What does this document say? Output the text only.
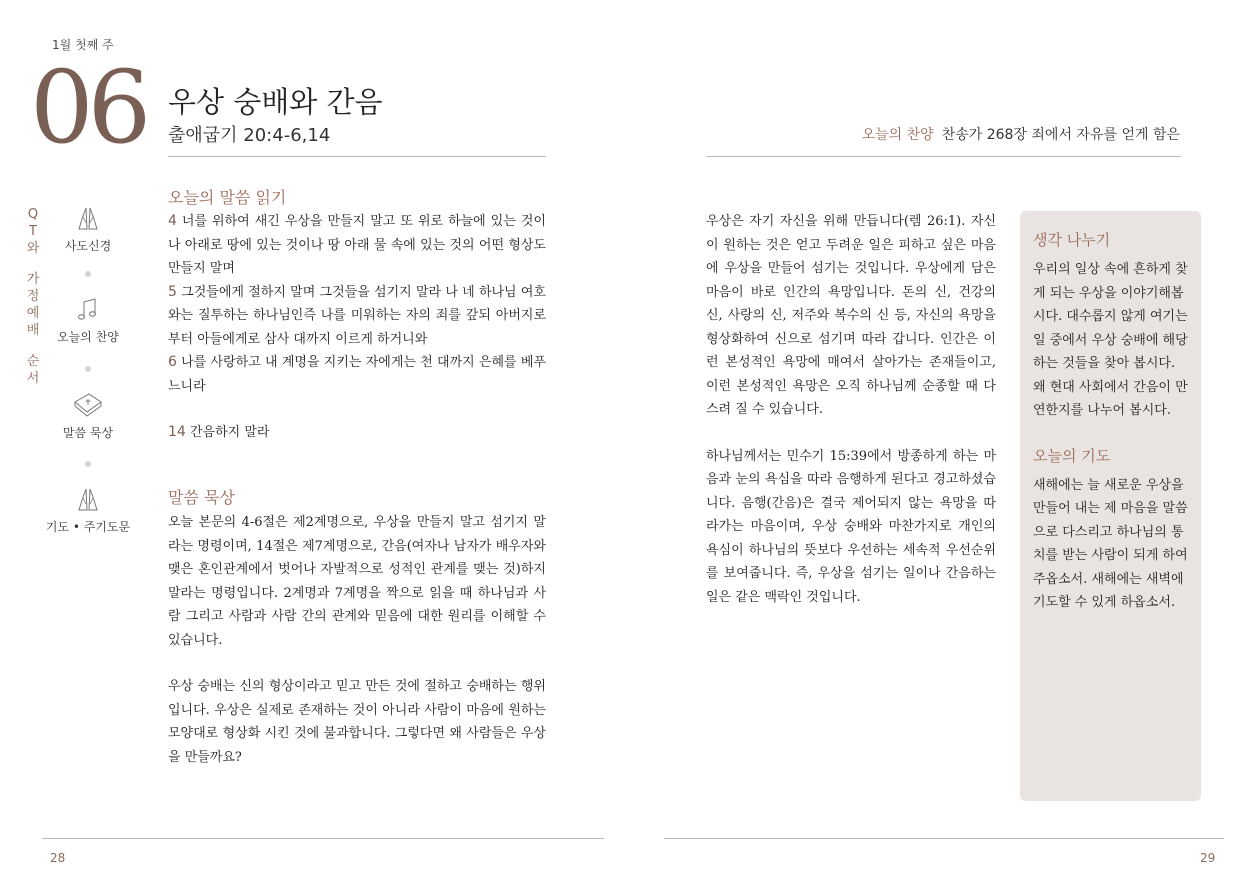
1월 첫째 주
06 우상 숭배와 간음
출애굽기 20:4-6,14
Q
T
와
가
정
예
배
순
서
사도신경
오늘의 찬양
말씀 묵상
기도 • 주기도문
오늘의 말씀 읽기

4 너를 위하여 새긴 우상을 만들지 말고 또 위로 하늘에 있는 것이나 아래로 땅에 있는 것이나 땅 아래 물 속에 있는 것의 어떤 형상도 만들지 말며

5 그것들에게 절하지 말며 그것들을 섬기지 말라 나 네 하나님 여호와는 질투하는 하나님인즉 나를 미워하는 자의 죄를 갚되 아버지로부터 아들에게로 삼사 대까지 이르게 하거니와

6 나를 사랑하고 내 계명을 지키는 자에게는 천 대까지 은혜를 베푸느니라

14 간음하지 말라

말씀 묵상

오늘 본문의 4-6절은 제2계명으로, 우상을 만들지 말고 섬기지 말라는 명령이며, 14절은 제7계명으로, 간음(여자나 남자가 배우자와 맺은 혼인관계에서 벗어나 자발적으로 성적인 관계를 맺는 것)하지 말라는 명령입니다. 2계명과 7계명을 짝으로 읽을 때 하나님과 사람 그리고 사람과 사람 간의 관계와 믿음에 대한 원리를 이해할 수 있습니다.

우상 숭배는 신의 형상이라고 믿고 만든 것에 절하고 숭배하는 행위입니다. 우상은 실제로 존재하는 것이 아니라 사람이 마음에 원하는 모양대로 형상화 시킨 것에 불과합니다. 그렇다면 왜 사람들은 우상을 만들까요?

28
오늘의 찬양 찬송가 268장 죄에서 자유를 얻게 함은

우상은 자기 자신을 위해 만듭니다(렘 26:1). 자신이 원하는 것은 얻고 두려운 일은 피하고 싶은 마음에 우상을 만들어 섬기는 것입니다. 우상에게 담은 마음이 바로 인간의 욕망입니다. 돈의 신, 건강의 신, 사랑의 신, 저주와 복수의 신 등, 자신의 욕망을 형상화하여 신으로 섬기며 따라 갑니다. 인간은 이런 본성적인 욕망에 매여서 살아가는 존재들이고, 이런 본성적인 욕망은 오직 하나님께 순종할 때 다스려 질 수 있습니다.

하나님께서는 민수기 15:39에서 방종하게 하는 마음과 눈의 욕심을 따라 음행하게 된다고 경고하셨습니다. 음행(간음)은 결국 제어되지 않는 욕망을 따라가는 마음이며, 우상 숭배와 마찬가지로 개인의 욕심이 하나님의 뜻보다 우선하는 세속적 우선순위를 보여줍니다. 즉, 우상을 섬기는 일이나 간음하는 일은 같은 맥락인 것입니다.

생각 나누기
우리의 일상 속에 흔하게 찾게 되는 우상을 이야기해봅시다. 대수롭지 않게 여기는 일 중에서 우상 숭배에 해당하는 것들을 찾아 봅시다. 왜 현대 사회에서 간음이 만연한지를 나누어 봅시다.
오늘의 기도
새해에는 늘 새로운 우상을 만들어 내는 제 마음을 말씀으로 다스리고 하나님의 통치를 받는 사람이 되게 하여 주옵소서. 새해에는 새벽에 기도할 수 있게 하옵소서.
29
